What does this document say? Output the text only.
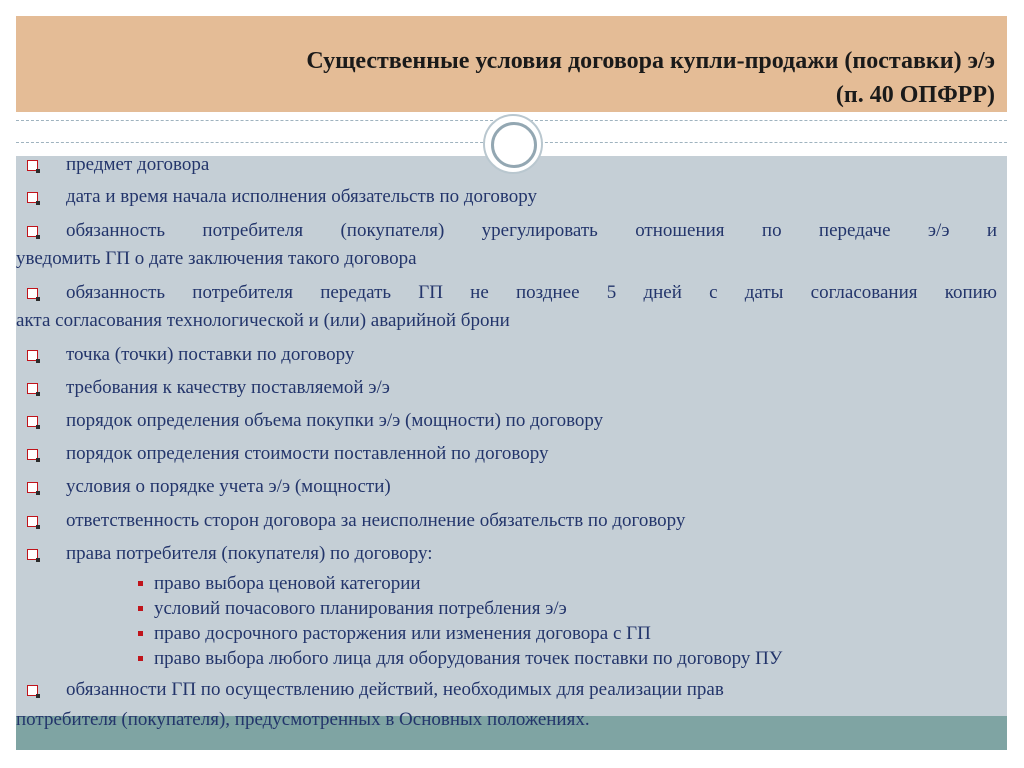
Существенные условия договора купли-продажи (поставки) э/э
(п. 40 ОПФРР)
предмет договора
дата и время начала исполнения обязательств по договору
обязанность потребителя (покупателя) урегулировать отношения по передаче э/э и
уведомить ГП о дате заключения такого договора
обязанность потребителя передать ГП не позднее 5 дней с даты согласования копию
акта согласования технологической и (или) аварийной брони
точка (точки) поставки по договору
требования к качеству поставляемой э/э
порядок определения объема покупки э/э (мощности) по договору
порядок определения стоимости поставленной по договору
условия о порядке учета э/э (мощности)
ответственность сторон договора за неисполнение обязательств по договору
права потребителя (покупателя) по договору:
право выбора ценовой категории
условий почасового планирования потребления э/э
право досрочного расторжения или изменения договора с ГП
право выбора любого лица для оборудования точек поставки по договору ПУ
обязанности ГП по осуществлению действий, необходимых для реализации прав
потребителя (покупателя), предусмотренных в Основных положениях.
